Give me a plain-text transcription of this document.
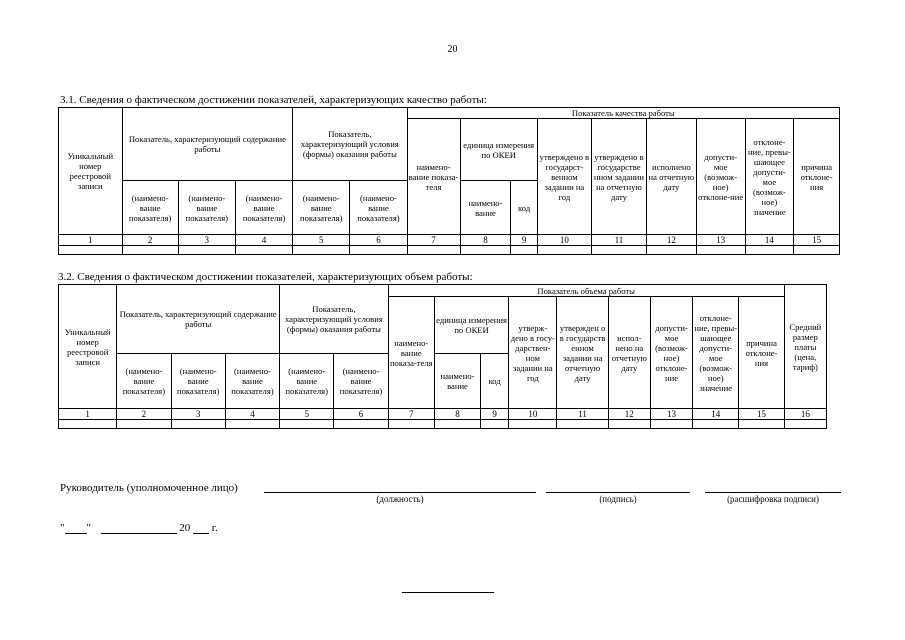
20
3.1. Сведения о фактическом достижении показателей, характеризующих качество работы:
Уникальный номер реестровой записи	Показатель, характеризующий содержание работы			Показатель, характеризующий условия (формы) оказания работы		Показатель качества работы								
						наимено-вание показа-теля	единица измерения по ОКЕИ		утверждено в государст-венном задании на год	утверждено в государстве нном задании на отчетную дату	исполнено на отчетную дату	допусти-мое (возмож-ное) отклоне-ние	отклоне-ние, превы-шающее допусти-мое (возмож-ное) значение	причина отклоне-ния
	(наимено-вание показателя)	(наимено-вание показателя)	(наимено-вание показателя)	(наимено-вание показателя)	(наимено-вание показателя)		наимено-вание	код						
1	2	3	4	5	6	7	8	9	10	11	12	13	14	15

3.2. Сведения о фактическом достижении показателей, характеризующих объем работы:
Уникальный номер реестровой записи	Показатель, характеризующий содержание работы			Показатель, характеризующий условия (формы) оказания работы		Показатель объема работы									Средний размер платы (цена, тариф)
						наимено-вание показа-теля	единица измерения по ОКЕИ		утверж-дено в госу-дарствен-ном задании на год	утвержден о в государств енном задании на отчетную дату	испол-нено на отчетную дату	допусти-мое (возмож-ное) отклоне-ние	отклоне-ние, превы-шающее допусти-мое (возмож-ное) значение	причина отклоне-ния	
	(наимено-вание показателя)	(наимено-вание показателя)	(наимено-вание показателя)	(наимено-вание показателя)	(наимено-вание показателя)		наимено-вание	код							
1	2	3	4	5	6	7	8	9	10	11	12	13	14	15	16

Руководитель (уполномоченное лицо)
(должность)	(подпись)	(расшифровка подписи)
" "	20 г.
